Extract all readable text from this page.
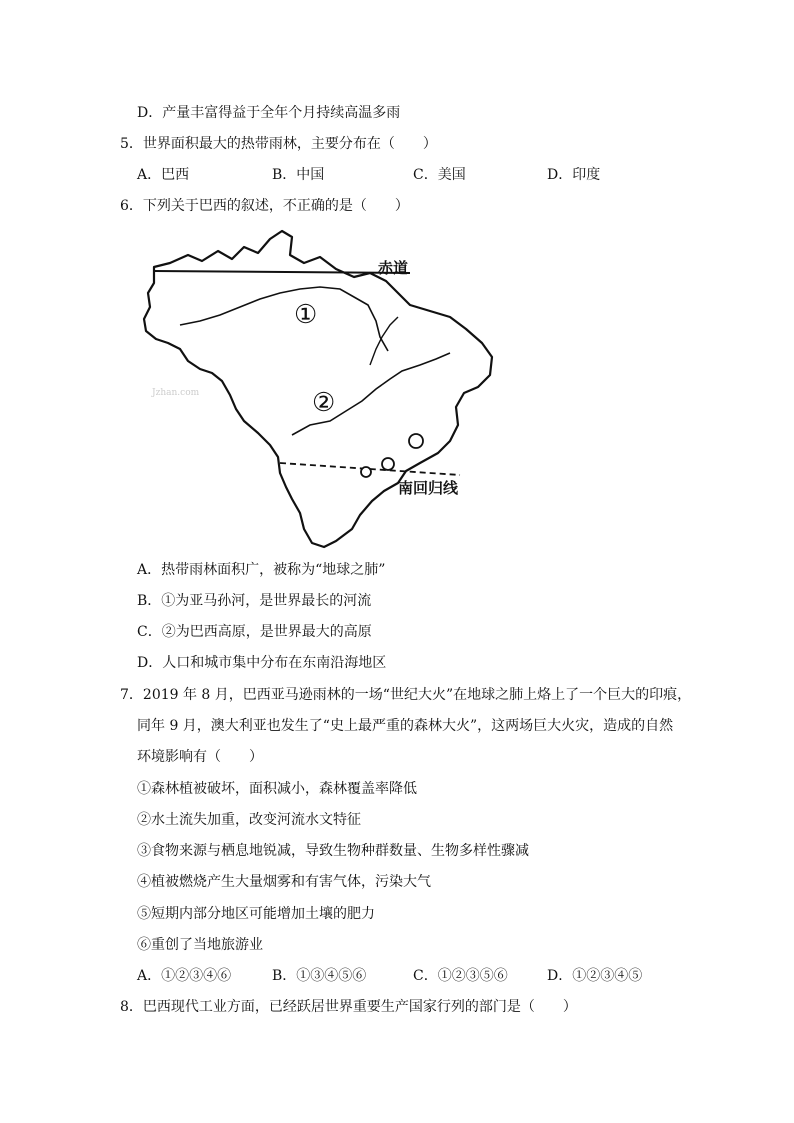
D．产量丰富得益于全年个月持续高温多雨
5．世界面积最大的热带雨林，主要分布在（　　）
A．巴西	B．中国	C．美国	D．印度
6．下列关于巴西的叙述，不正确的是（　　）
赤道
南回归线
①
②
Jzhan.com
A．热带雨林面积广，被称为“地球之肺”
B．①为亚马孙河，是世界最长的河流
C．②为巴西高原，是世界最大的高原
D．人口和城市集中分布在东南沿海地区
7．2019 年 8 月，巴西亚马逊雨林的一场“世纪大火”在地球之肺上烙上了一个巨大的印痕，
同年 9 月，澳大利亚也发生了“史上最严重的森林大火”，这两场巨大火灾，造成的自然
环境影响有（　　）
①森林植被破坏，面积减小，森林覆盖率降低
②水土流失加重，改变河流水文特征
③食物来源与栖息地锐减，导致生物种群数量、生物多样性骤减
④植被燃烧产生大量烟雾和有害气体，污染大气
⑤短期内部分地区可能增加土壤的肥力
⑥重创了当地旅游业
A．①②③④⑥	B．①③④⑤⑥	C．①②③⑤⑥	D．①②③④⑤
8．巴西现代工业方面，已经跃居世界重要生产国家行列的部门是（　　）
